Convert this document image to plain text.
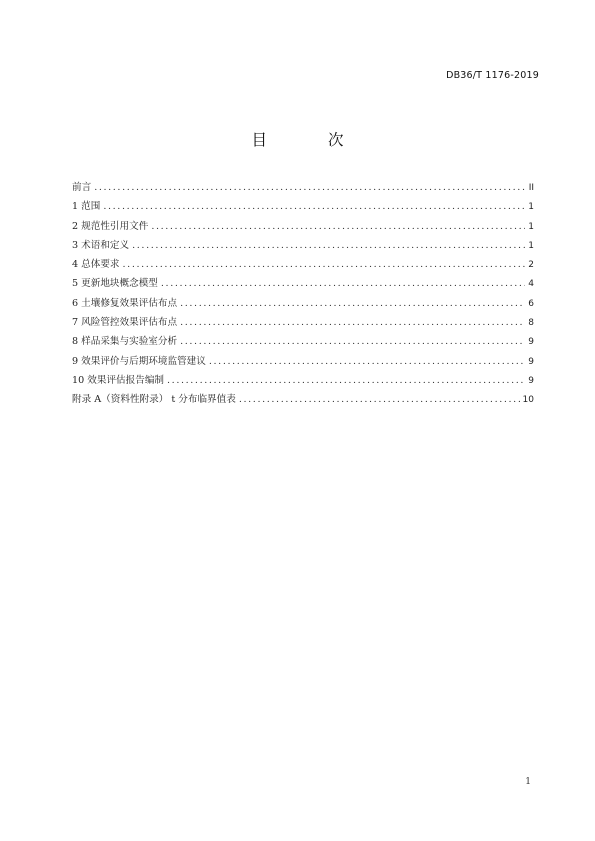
DB36/T 1176-2019
目 次
前言 .....	II
1 范围 .....	1
2 规范性引用文件 .....	1
3 术语和定义 .....	1
4 总体要求 .....	2
5 更新地块概念模型 .....	4
6 土壤修复效果评估布点 .....	6
7 风险管控效果评估布点 .....	8
8 样品采集与实验室分析 .....	9
9 效果评价与后期环境监管建议 .....	9
10 效果评估报告编制 .....	9
附录 A（资料性附录） t 分布临界值表 .....	10
1
